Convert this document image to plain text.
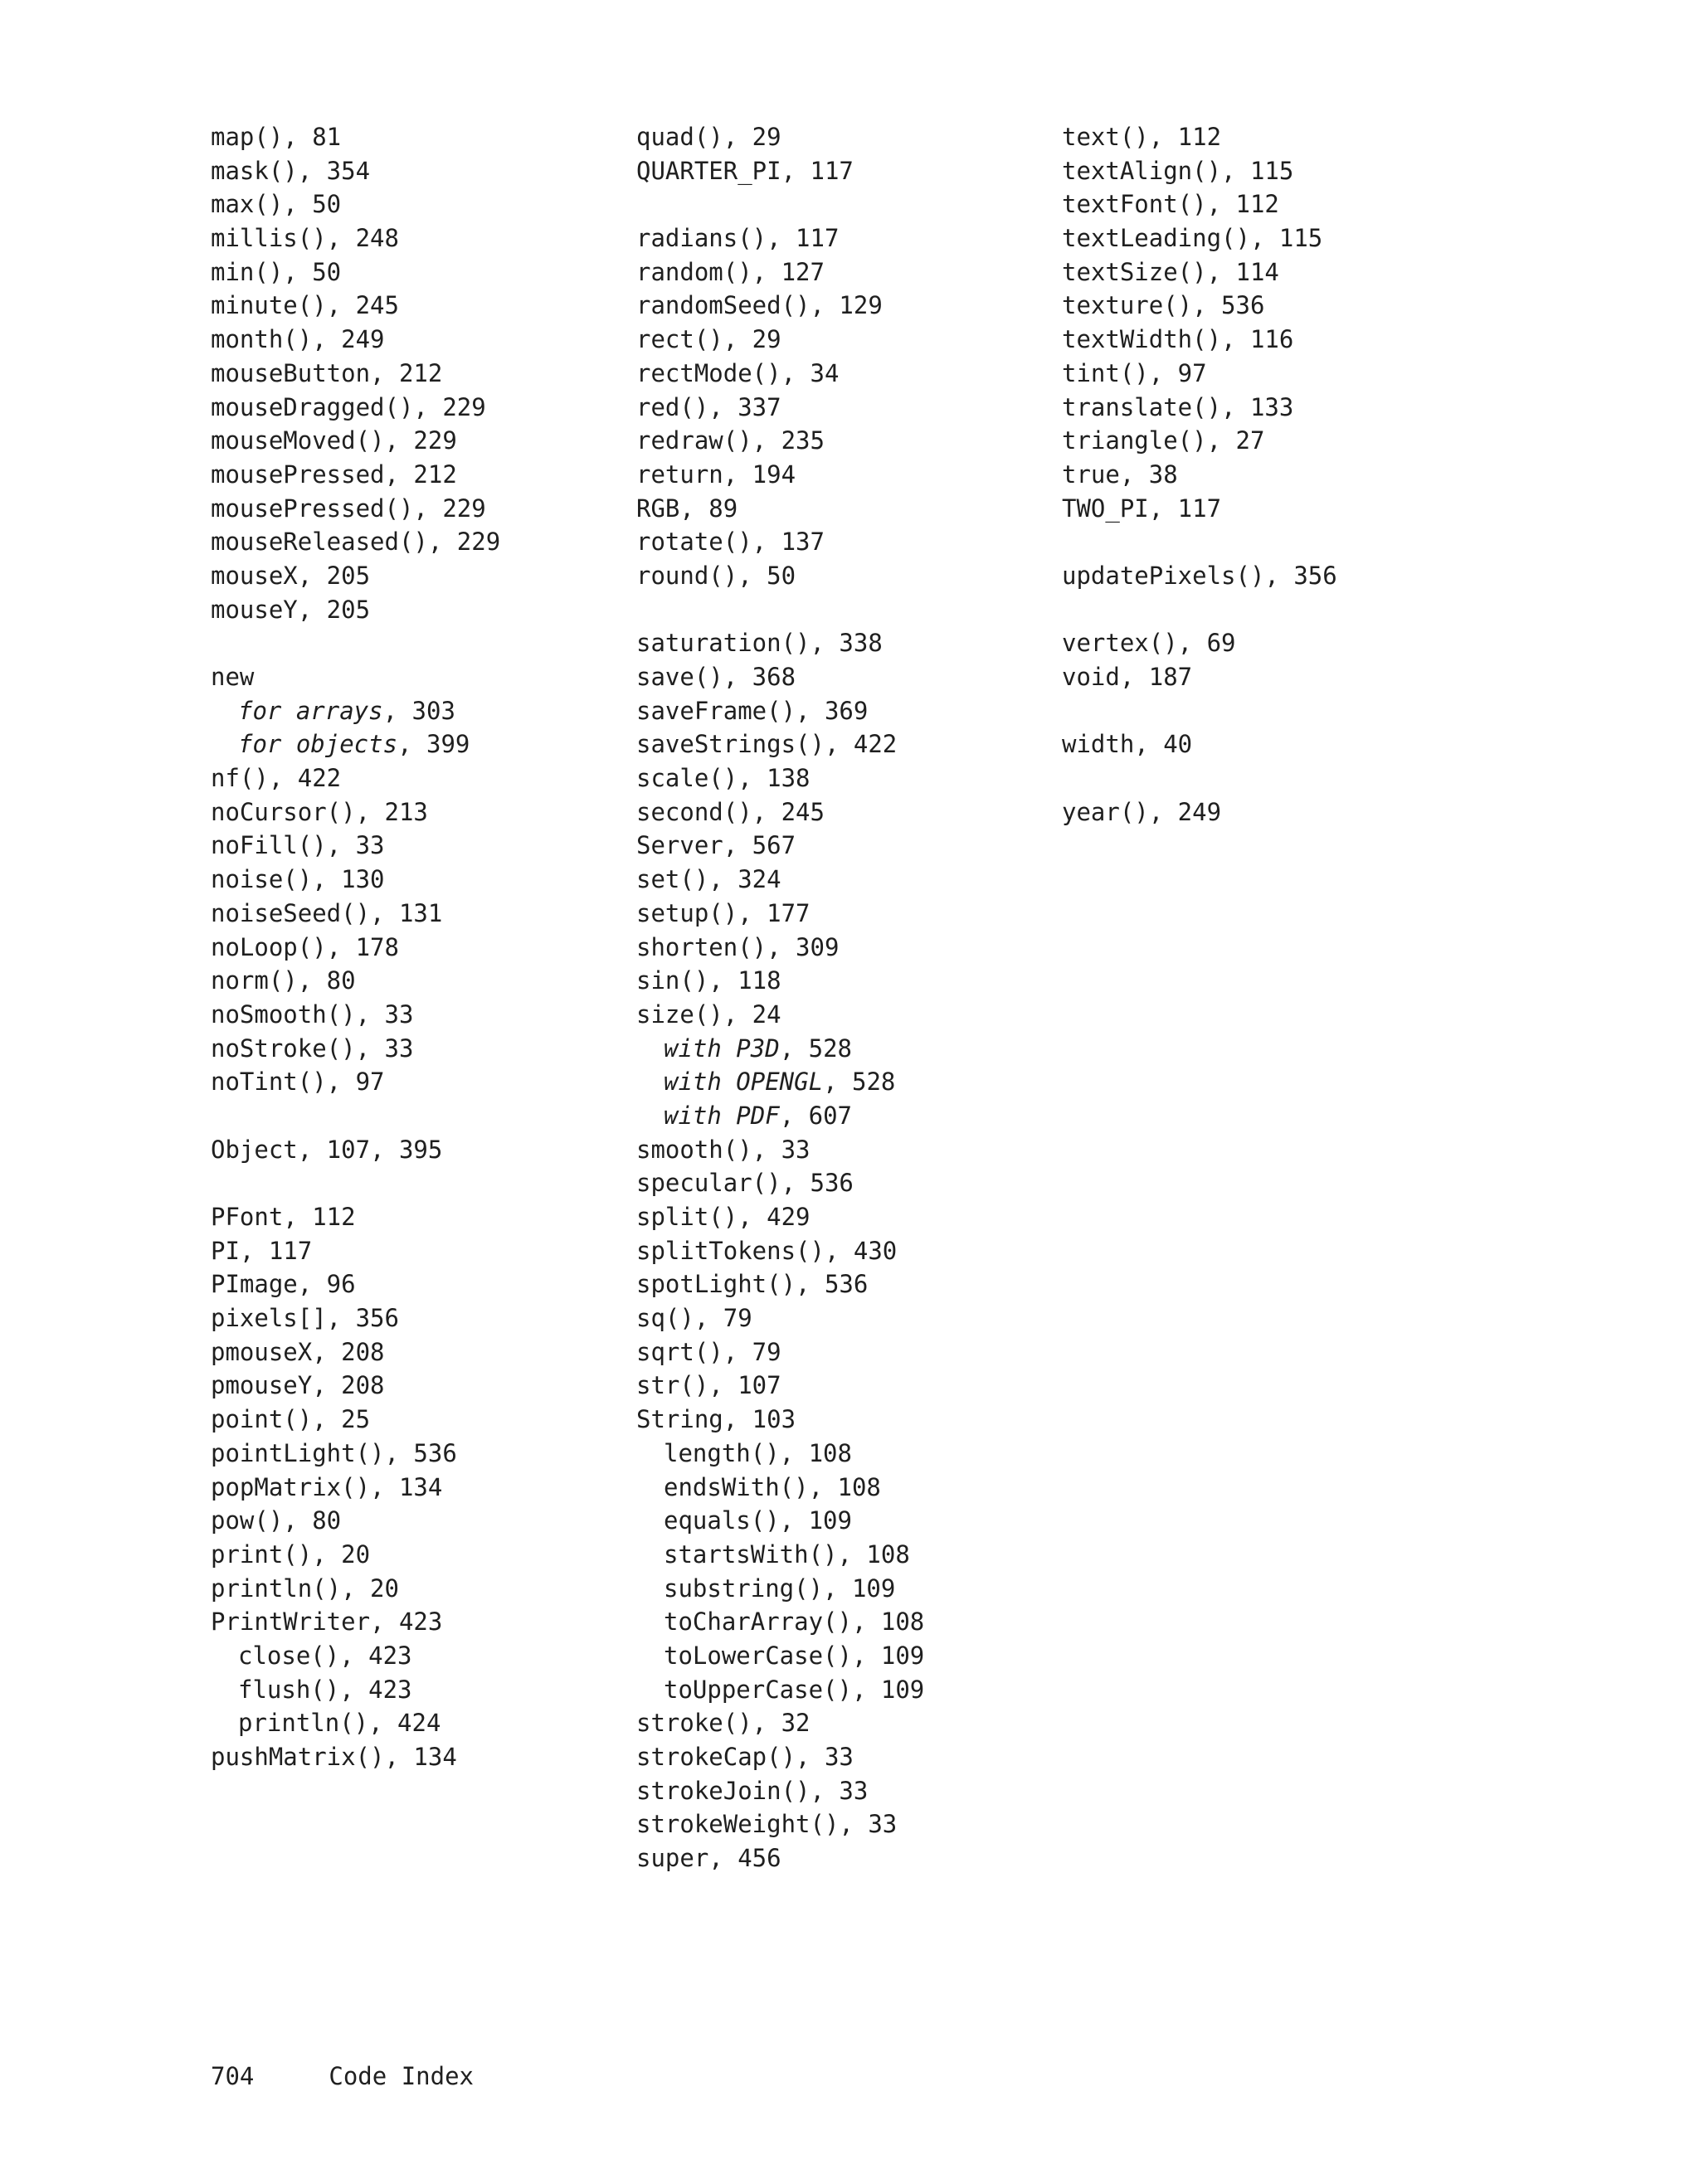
map(), 81
mask(), 354
max(), 50
millis(), 248
min(), 50
minute(), 245
month(), 249
mouseButton, 212
mouseDragged(), 229
mouseMoved(), 229
mousePressed, 212
mousePressed(), 229
mouseReleased(), 229
mouseX, 205
mouseY, 205
new
for arrays, 303
for objects, 399
nf(), 422
noCursor(), 213
noFill(), 33
noise(), 130
noiseSeed(), 131
noLoop(), 178
norm(), 80
noSmooth(), 33
noStroke(), 33
noTint(), 97
Object, 107, 395
PFont, 112
PI, 117
PImage, 96
pixels[], 356
pmouseX, 208
pmouseY, 208
point(), 25
pointLight(), 536
popMatrix(), 134
pow(), 80
print(), 20
println(), 20
PrintWriter, 423
close(), 423
flush(), 423
println(), 424
pushMatrix(), 134
quad(), 29
QUARTER_PI, 117
radians(), 117
random(), 127
randomSeed(), 129
rect(), 29
rectMode(), 34
red(), 337
redraw(), 235
return, 194
RGB, 89
rotate(), 137
round(), 50
saturation(), 338
save(), 368
saveFrame(), 369
saveStrings(), 422
scale(), 138
second(), 245
Server, 567
set(), 324
setup(), 177
shorten(), 309
sin(), 118
size(), 24
with P3D, 528
with OPENGL, 528
with PDF, 607
smooth(), 33
specular(), 536
split(), 429
splitTokens(), 430
spotLight(), 536
sq(), 79
sqrt(), 79
str(), 107
String, 103
length(), 108
endsWith(), 108
equals(), 109
startsWith(), 108
substring(), 109
toCharArray(), 108
toLowerCase(), 109
toUpperCase(), 109
stroke(), 32
strokeCap(), 33
strokeJoin(), 33
strokeWeight(), 33
super, 456
text(), 112
textAlign(), 115
textFont(), 112
textLeading(), 115
textSize(), 114
texture(), 536
textWidth(), 116
tint(), 97
translate(), 133
triangle(), 27
true, 38
TWO_PI, 117
updatePixels(), 356
vertex(), 69
void, 187
width, 40
year(), 249
704	Code Index
